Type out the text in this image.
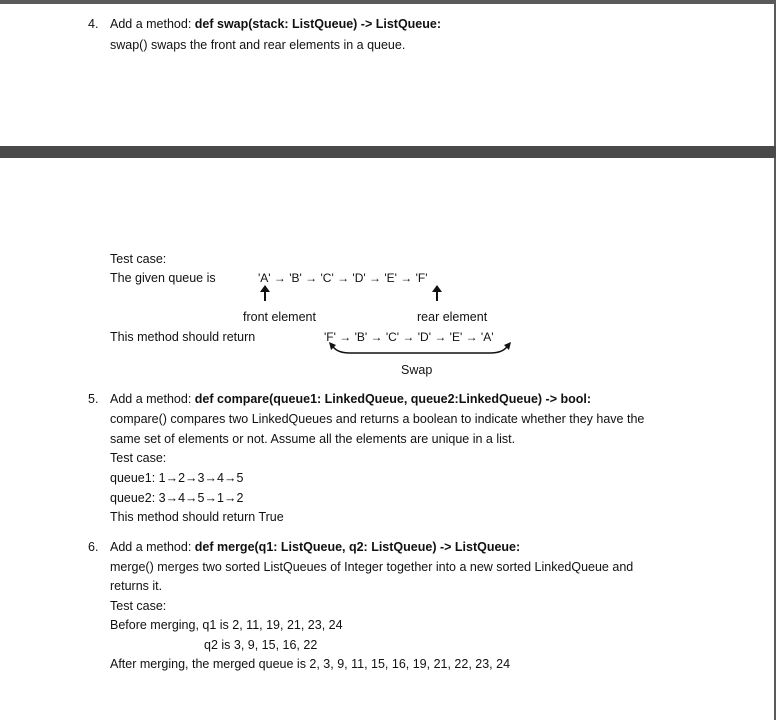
4. Add a method: def swap(stack: ListQueue) -> ListQueue:
swap() swaps the front and rear elements in a queue.
Test case:
The given queue is	'A' → 'B' → 'C' → 'D' → 'E' → 'F'
front element	rear element
This method should return	'F' → 'B' → 'C' → 'D' → 'E' → 'A'
Swap
5. Add a method: def compare(queue1: LinkedQueue, queue2:LinkedQueue) -> bool:
compare() compares two LinkedQueues and returns a boolean to indicate whether they have the
same set of elements or not. Assume all the elements are unique in a list.
Test case:
queue1: 1→2→3→4→5
queue2: 3→4→5→1→2
This method should return True
6. Add a method: def merge(q1: ListQueue, q2: ListQueue) -> ListQueue:
merge() merges two sorted ListQueues of Integer together into a new sorted LinkedQueue and
returns it.
Test case:
Before merging, q1 is 2, 11, 19, 21, 23, 24
q2 is 3, 9, 15, 16, 22
After merging, the merged queue is 2, 3, 9, 11, 15, 16, 19, 21, 22, 23, 24
